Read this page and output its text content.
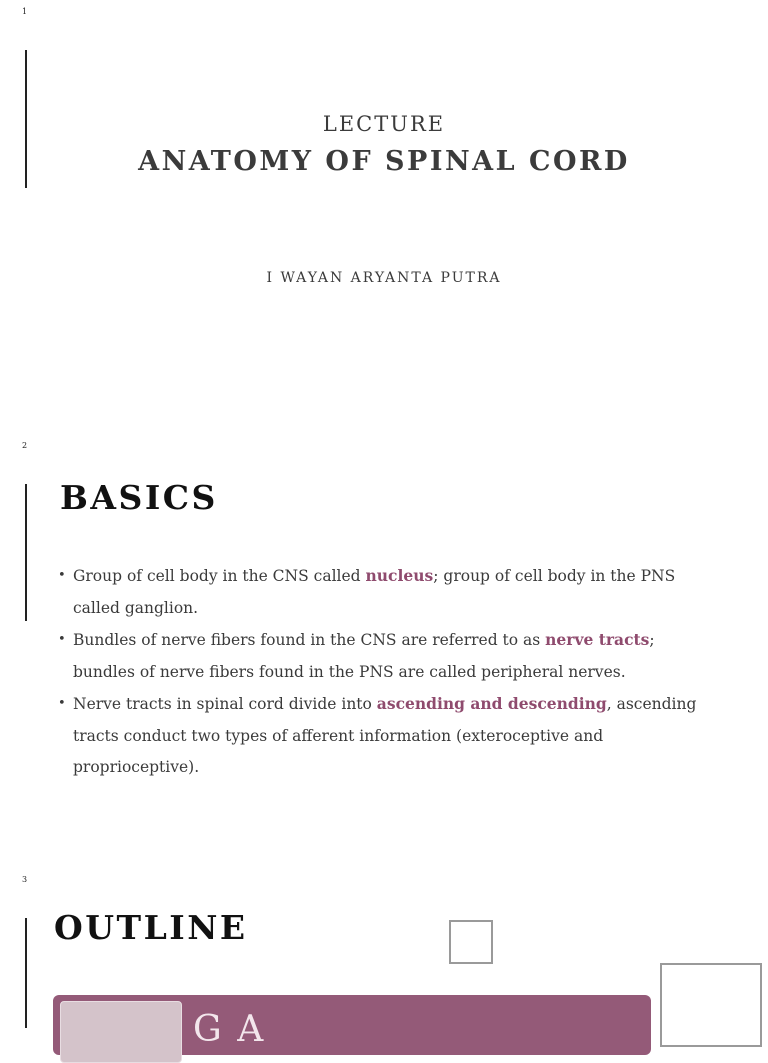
1
LECTURE
ANATOMY OF SPINAL CORD
I WAYAN ARYANTA PUTRA
2
BASICS
• Group of cell body in the CNS called nucleus; group of cell body in the PNS called ganglion.
• Bundles of nerve fibers found in the CNS are referred to as nerve tracts; bundles of nerve fibers found in the PNS are called peripheral nerves.
• Nerve tracts in spinal cord divide into ascending and descending, ascending tracts conduct two types of afferent information (exteroceptive and proprioceptive).
3
OUTLINE
G A
